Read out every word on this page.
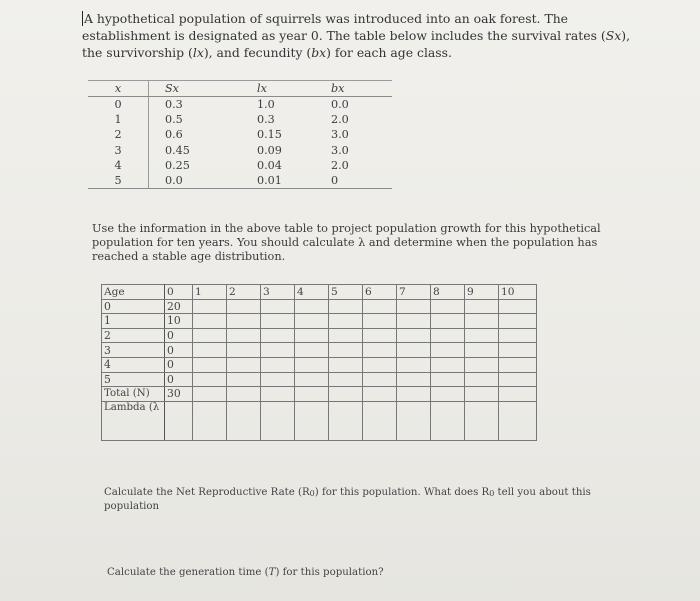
A hypothetical population of squirrels was introduced into an oak forest. The establishment is designated as year 0. The table below includes the survival rates (Sx), the survivorship (lx), and fecundity (bx) for each age class.
x	Sx	lx	bx
0	0.3	1.0	0.0
1	0.5	0.3	2.0
2	0.6	0.15	3.0
3	0.45	0.09	3.0
4	0.25	0.04	2.0
5	0.0	0.01	0
Use the information in the above table to project population growth for this hypothetical population for ten years. You should calculate λ and determine when the population has reached a stable age distribution.
Age	0	1	2	3	4	5	6	7	8	9	10
0	20										
1	10										
2	0										
3	0										
4	0										
5	0										
Total (N)	30										
Lambda (λ											
Calculate the Net Reproductive Rate (R0) for this population. What does R0 tell you about this population
Calculate the generation time (T) for this population?
